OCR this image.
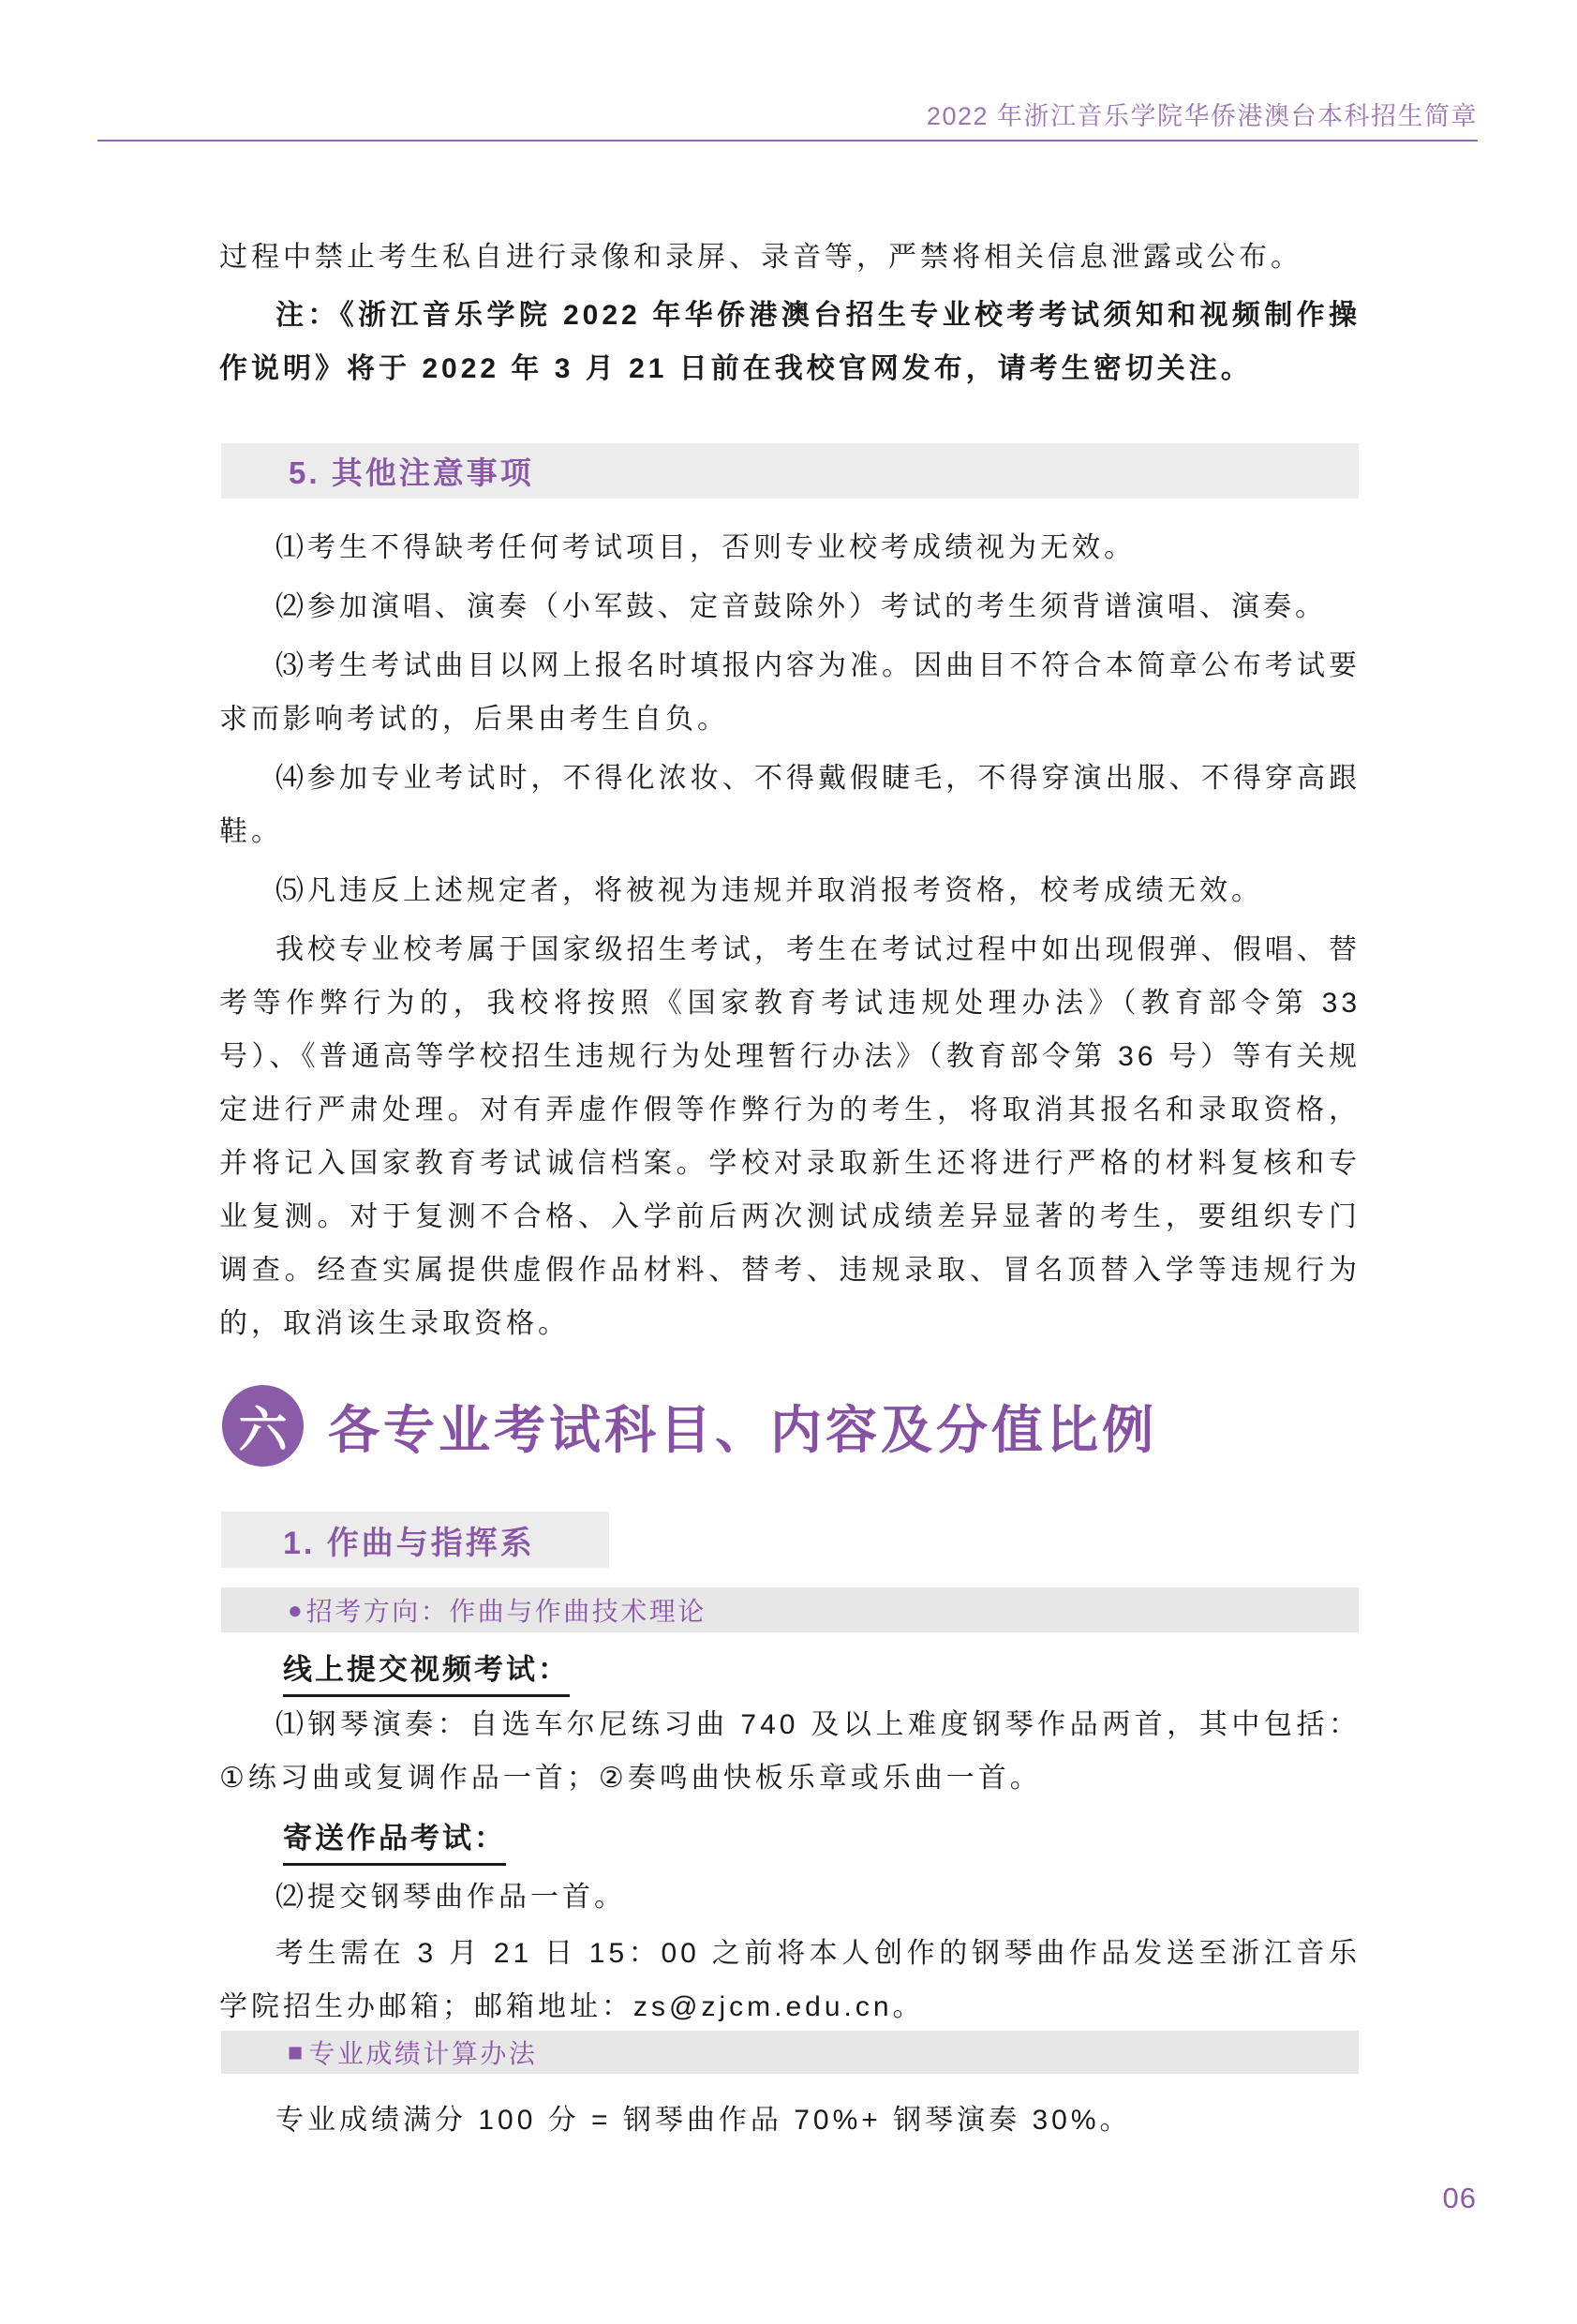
2022 年浙江音乐学院华侨港澳台本科招生简章
过程中禁止考生私自进行录像和录屏、录音等，严禁将相关信息泄露或公布。
注：《浙江音乐学院 2022 年华侨港澳台招生专业校考考试须知和视频制作操作说明》将于 2022 年 3 月 21 日前在我校官网发布，请考生密切关注。
5. 其他注意事项

⑴考生不得缺考任何考试项目，否则专业校考成绩视为无效。

⑵参加演唱、演奏（小军鼓、定音鼓除外）考试的考生须背谱演唱、演奏。

⑶考生考试曲目以网上报名时填报内容为准。因曲目不符合本简章公布考试要求而影响考试的，后果由考生自负。

⑷参加专业考试时，不得化浓妆、不得戴假睫毛，不得穿演出服、不得穿高跟鞋。

⑸凡违反上述规定者，将被视为违规并取消报考资格，校考成绩无效。

我校专业校考属于国家级招生考试，考生在考试过程中如出现假弹、假唱、替考等作弊行为的，我校将按照《国家教育考试违规处理办法》（教育部令第 33 号）、《普通高等学校招生违规行为处理暂行办法》（教育部令第 36 号）等有关规定进行严肃处理。对有弄虚作假等作弊行为的考生，将取消其报名和录取资格，并将记入国家教育考试诚信档案。学校对录取新生还将进行严格的材料复核和专业复测。对于复测不合格、入学前后两次测试成绩差异显著的考生，要组织专门调查。经查实属提供虚假作品材料、替考、违规录取、冒名顶替入学等违规行为的，取消该生录取资格。

六 各专业考试科目、内容及分值比例
1. 作曲与指挥系
● 招考方向：作曲与作曲技术理论
线上提交视频考试：
⑴钢琴演奏：自选车尔尼练习曲 740 及以上难度钢琴作品两首，其中包括：①练习曲或复调作品一首；②奏鸣曲快板乐章或乐曲一首。
寄送作品考试：
⑵提交钢琴曲作品一首。
考生需在 3 月 21 日 15：00 之前将本人创作的钢琴曲作品发送至浙江音乐学院招生办邮箱；邮箱地址：zs@zjcm.edu.cn。
■ 专业成绩计算办法
专业成绩满分 100 分 = 钢琴曲作品 70%+ 钢琴演奏 30%。
06
